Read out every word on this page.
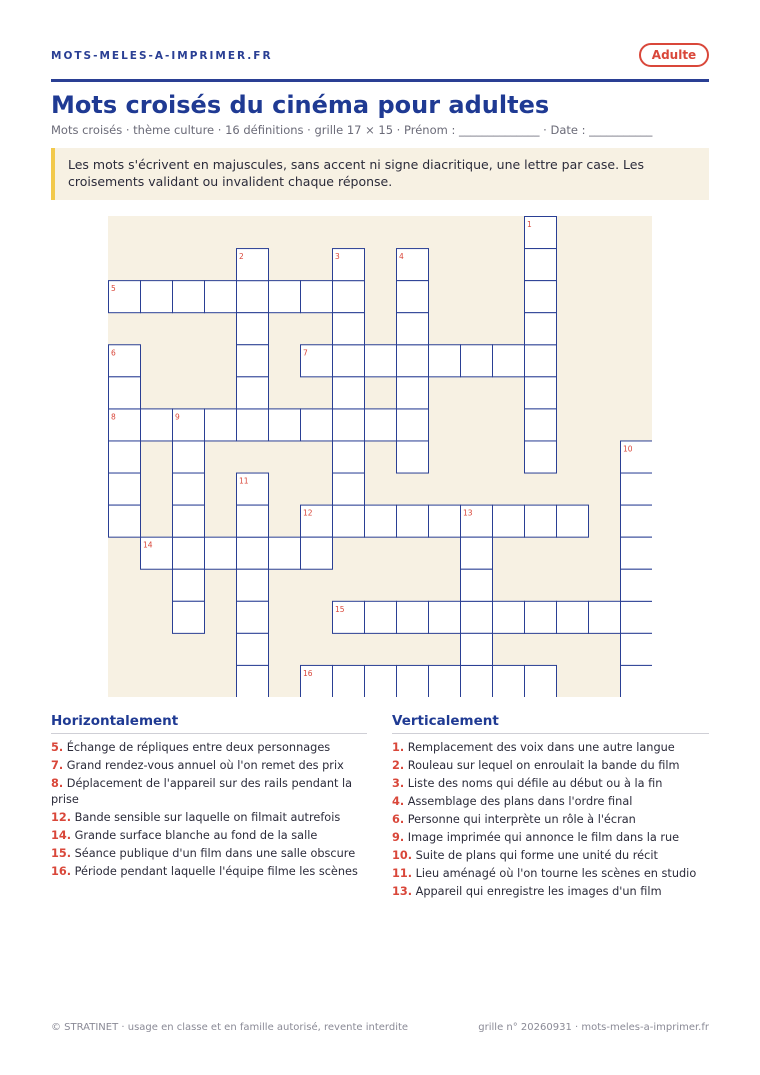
MOTS-MELES-A-IMPRIMER.FR	Adulte
Mots croisés du cinéma pour adultes
Mots croisés · thème culture · 16 définitions · grille 17 × 15 · Prénom : ______________ · Date : ___________
Les mots s'écrivent en majuscules, sans accent ni signe diacritique, une lettre par case. Les croisements validant ou invalident chaque réponse.
5
7
8
12
14
15
16
1
2	3	4
6
9
10
11
13
Horizontalement
5. Échange de répliques entre deux personnages
7. Grand rendez-vous annuel où l'on remet des prix
8. Déplacement de l'appareil sur des rails pendant la prise
12. Bande sensible sur laquelle on filmait autrefois
14. Grande surface blanche au fond de la salle
15. Séance publique d'un film dans une salle obscure
16. Période pendant laquelle l'équipe filme les scènes
Verticalement
1. Remplacement des voix dans une autre langue
2. Rouleau sur lequel on enroulait la bande du film
3. Liste des noms qui défile au début ou à la fin
4. Assemblage des plans dans l'ordre final
6. Personne qui interprète un rôle à l'écran
9. Image imprimée qui annonce le film dans la rue
10. Suite de plans qui forme une unité du récit
11. Lieu aménagé où l'on tourne les scènes en studio
13. Appareil qui enregistre les images d'un film
© STRATINET · usage en classe et en famille autorisé, revente interdite	grille n° 20260931 · mots-meles-a-imprimer.fr
